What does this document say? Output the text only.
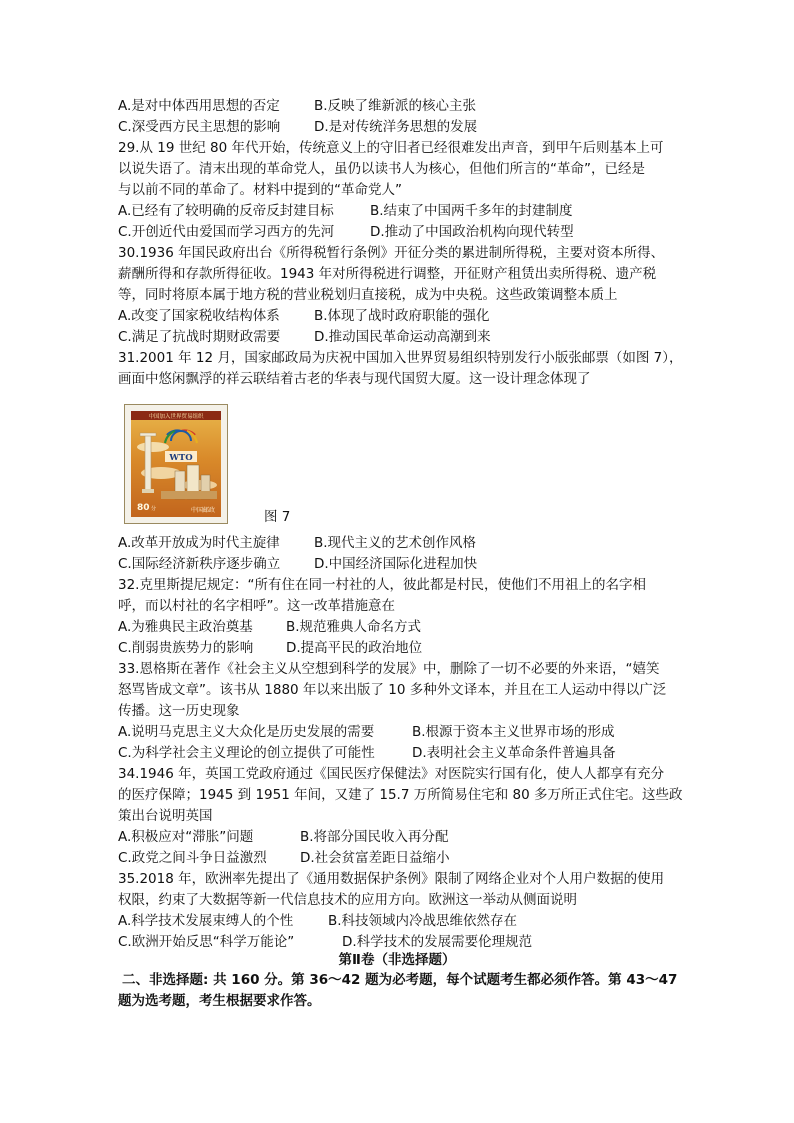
A.是对中体西用思想的否定	B.反映了维新派的核心主张
C.深受西方民主思想的影响	D.是对传统洋务思想的发展
29.从 19 世纪 80 年代开始，传统意义上的守旧者已经很难发出声音，到甲午后则基本上可
以说失语了。清末出现的革命党人，虽仍以读书人为核心，但他们所言的“革命”，已经是
与以前不同的革命了。材料中提到的“革命党人”
A.已经有了较明确的反帝反封建目标	B.结束了中国两千多年的封建制度
C.开创近代由爱国而学习西方的先河	D.推动了中国政治机构向现代转型
30.1936 年国民政府出台《所得税暂行条例》开征分类的累进制所得税，主要对资本所得、
薪酬所得和存款所得征收。1943 年对所得税进行调整，开征财产租赁出卖所得税、遗产税
等，同时将原本属于地方税的营业税划归直接税，成为中央税。这些政策调整本质上
A.改变了国家税收结构体系	B.体现了战时政府职能的强化
C.满足了抗战时期财政需要	D.推动国民革命运动高潮到来
31.2001 年 12 月，国家邮政局为庆祝中国加入世界贸易组织特别发行小版张邮票（如图 7），
画面中悠闲飘浮的祥云联结着古老的华表与现代国贸大厦。这一设计理念体现了
中国加入世界贸易组织
WTO
80 分	中国邮政	图 7
A.改革开放成为时代主旋律	B.现代主义的艺术创作风格
C.国际经济新秩序逐步确立	D.中国经济国际化进程加快
32.克里斯提尼规定：“所有住在同一村社的人，彼此都是村民，使他们不用祖上的名字相
呼，而以村社的名字相呼”。这一改革措施意在
A.为雅典民主政治奠基 B.规范雅典人命名方式
C.削弱贵族势力的影响 D.提高平民的政治地位
33.恩格斯在著作《社会主义从空想到科学的发展》中，删除了一切不必要的外来语，“嬉笑
怒骂皆成文章”。该书从 1880 年以来出版了 10 多种外文译本，并且在工人运动中得以广泛
传播。这一历史现象
A.说明马克思主义大众化是历史发展的需要	B.根源于资本主义世界市场的形成
C.为科学社会主义理论的创立提供了可能性	D.表明社会主义革命条件普遍具备
34.1946 年，英国工党政府通过《国民医疗保健法》对医院实行国有化，使人人都享有充分
的医疗保障；1945 到 1951 年间，又建了 15.7 万所简易住宅和 80 多万所正式住宅。这些政
策出台说明英国
A.积极应对“滞胀”问题	B.将部分国民收入再分配
C.政党之间斗争日益激烈 D.社会贫富差距日益缩小
35.2018 年，欧洲率先提出了《通用数据保护条例》限制了网络企业对个人用户数据的使用
权限，约束了大数据等新一代信息技术的应用方向。欧洲这一举动从侧面说明
A.科学技术发展束缚人的个性	B.科技领域内冷战思维依然存在
C.欧洲开始反思“科学万能论”	D.科学技术的发展需要伦理规范
第Ⅱ卷（非选择题）
二、非选择题: 共 160 分。第 36～42 题为必考题，每个试题考生都必须作答。第 43～47
题为选考题，考生根据要求作答。
